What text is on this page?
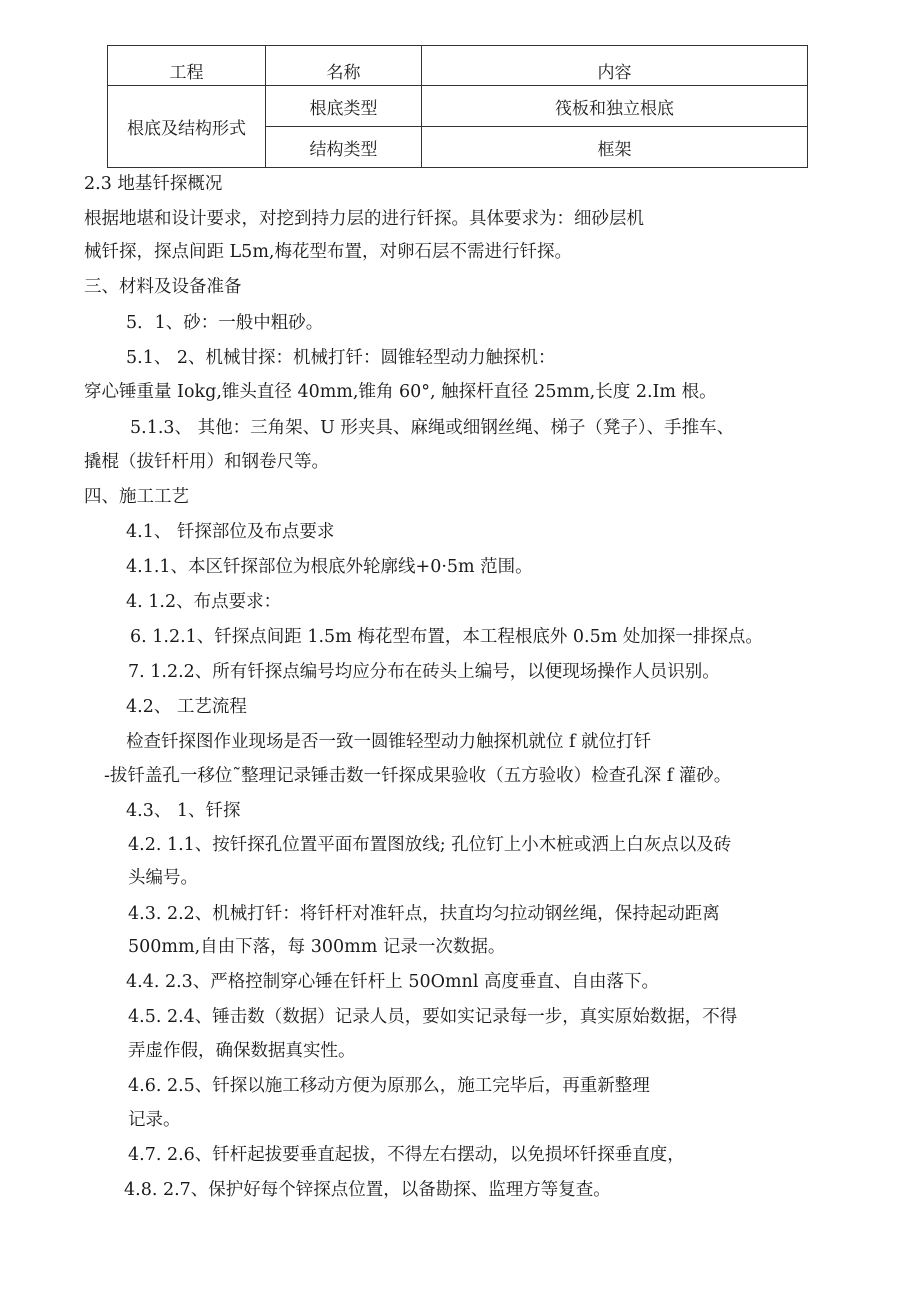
工程	名称	内容
根底及结构形式	根底类型	筏板和独立根底
	结构类型	框架
2.3 地基钎探概况
根据地堪和设计要求，对挖到持力层的进行钎探。具体要求为：细砂层机
械钎探，探点间距 L5m,梅花型布置，对卵石层不需进行钎探。
三、材料及设备准备
5．1、砂：一般中粗砂。
5.1、 2、机械甘探：机械打钎：圆锥轻型动力触探机：
穿心锤重量 Iokg,锥头直径 40mm,锥角 60°, 触探杆直径 25mm,长度 2.Im 根。
5.1.3、 其他：三角架、U 形夹具、麻绳或细钢丝绳、梯子（凳子）、手推车、
撬棍（拔钎杆用）和钢卷尺等。
四、施工工艺
4.1、 钎探部位及布点要求
4.1.1、本区钎探部位为根底外轮廓线+0·5m 范围。
4. 1.2、布点要求：
6. 1.2.1、钎探点间距 1.5m 梅花型布置，本工程根底外 0.5m 处加探一排探点。
7. 1.2.2、所有钎探点编号均应分布在砖头上编号，以便现场操作人员识别。
4.2、 工艺流程
检查钎探图作业现场是否一致一圆锥轻型动力触探机就位 f 就位打钎
-拔钎盖孔一移位˜整理记录锤击数一钎探成果验收（五方验收）检查孔深 f 灌砂。
4.3、 1、钎探
4.2. 1.1、按钎探孔位置平面布置图放线; 孔位钉上小木桩或洒上白灰点以及砖
头编号。
4.3. 2.2、机械打钎：将钎杆对准轩点，扶直均匀拉动钢丝绳，保持起动距离
500mm,自由下落，每 300mm 记录一次数据。
4.4. 2.3、严格控制穿心锤在钎杆上 50Omnl 高度垂直、自由落下。
4.5. 2.4、锤击数（数据）记录人员，要如实记录每一步，真实原始数据，不得
弄虚作假，确保数据真实性。
4.6. 2.5、钎探以施工移动方便为原那么，施工完毕后，再重新整理
记录。
4.7. 2.6、钎杆起拔要垂直起拔，不得左右摆动，以免损坏钎探垂直度，
4.8. 2.7、保护好每个锌探点位置，以备勘探、监理方等复查。
